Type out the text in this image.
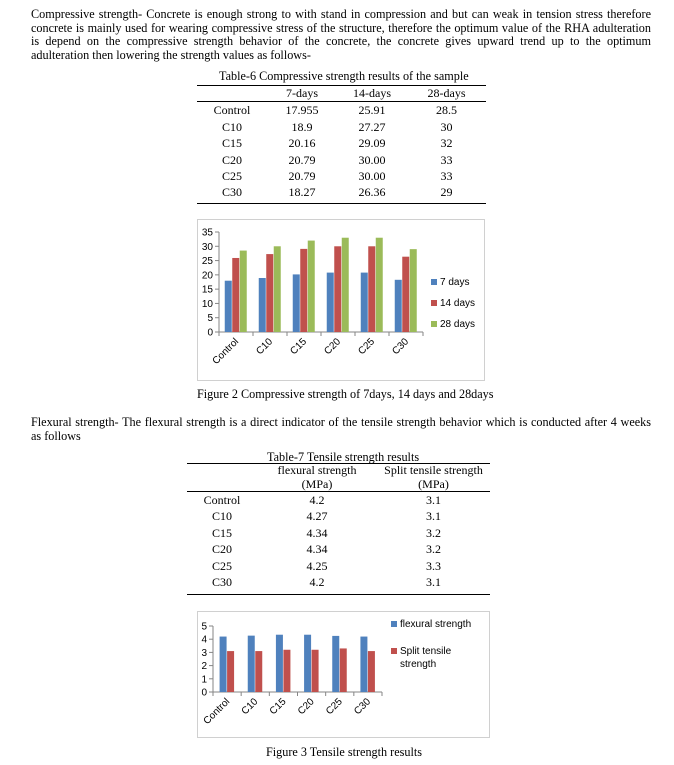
Compressive strength- Concrete is enough strong to with stand in compression and but can weak in tension stress therefore concrete is mainly used for wearing compressive stress of the structure, therefore the optimum value of the RHA adulteration is depend on the compressive strength behavior of the concrete, the concrete gives upward trend up to the optimum adulteration then lowering the strength values as follows-
Table-6 Compressive strength results of the sample
	7-days	14-days	28-days
Control	17.955	25.91	28.5
C10	18.9	27.27	30
C15	20.16	29.09	32
C20	20.79	30.00	33
C25	20.79	30.00	33
C30	18.27	26.36	29
0
5
10
15
20
25
30
35
Control C10 C15 C20 C25 C30
7 days
14 days
28 days
Figure 2 Compressive strength of 7days, 14 days and 28days
Flexural strength- The flexural strength is a direct indicator of the tensile strength behavior which is conducted after 4 weeks as follows
Table-7 Tensile strength results
	flexural strength	Split tensile strength
	(MPa)	(MPa)
Control	4.2	3.1
C10	4.27	3.1
C15	4.34	3.2
C20	4.34	3.2
C25	4.25	3.3
C30	4.2	3.1
0
1
2
3
4
5
Control C10 C15 C20 C25 C30
flexural strength
Split tensile
strength
Figure 3 Tensile strength results
